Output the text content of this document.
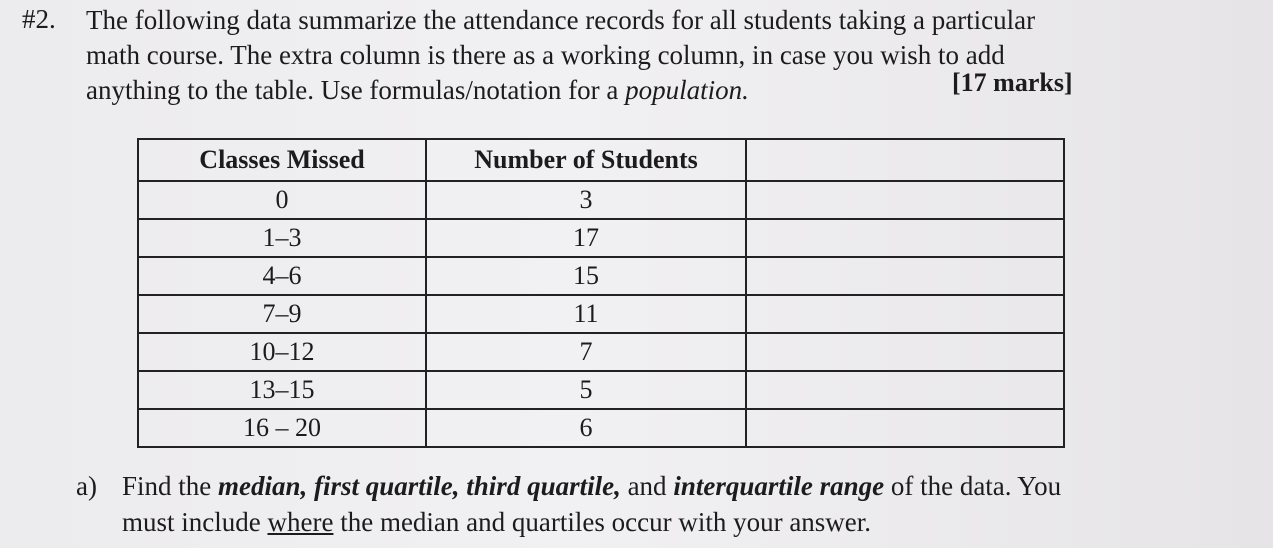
#2. The following data summarize the attendance records for all students taking a particular
math course. The extra column is there as a working column, in case you wish to add
anything to the table. Use formulas/notation for a population.	[17 marks]
Classes Missed	Number of Students	
0	3	
1–3	17	
4–6	15	
7–9	11	
10–12	7	
13–15	5	
16 – 20	6	
a) Find the median, first quartile, third quartile, and interquartile range of the data. You
must include where the median and quartiles occur with your answer.
